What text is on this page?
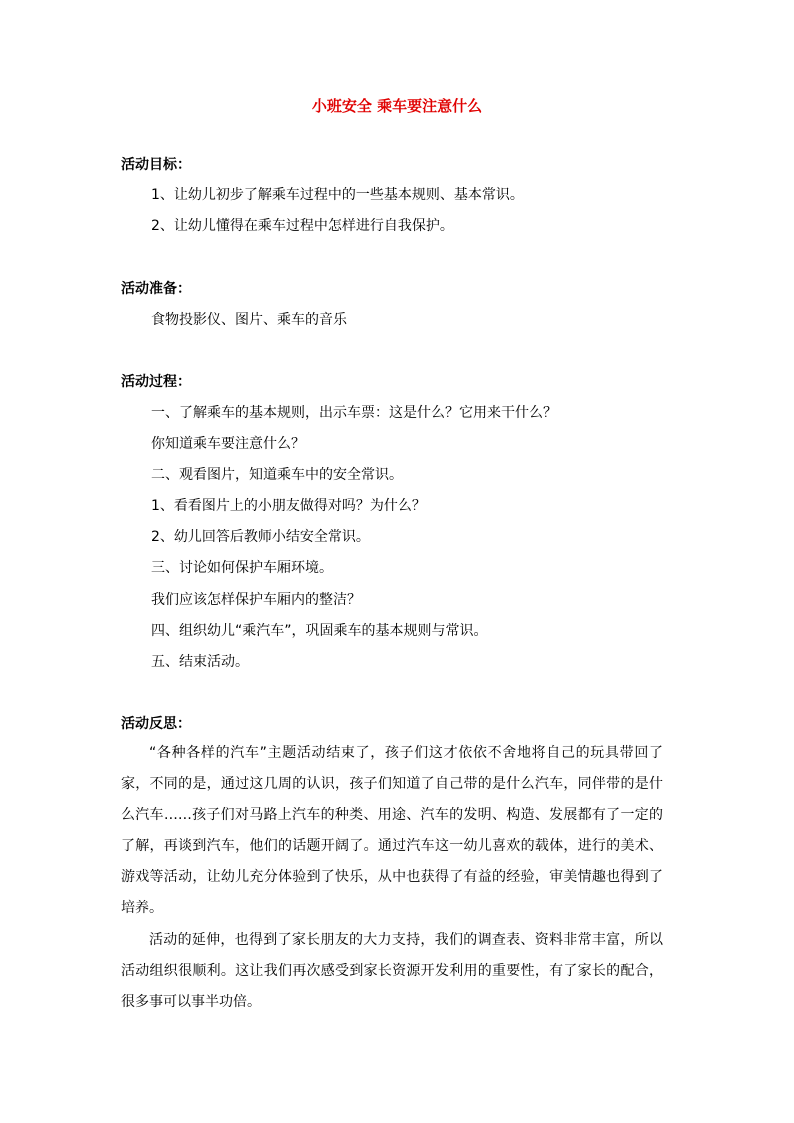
小班安全 乘车要注意什么
活动目标：
1、让幼儿初步了解乘车过程中的一些基本规则、基本常识。
2、让幼儿懂得在乘车过程中怎样进行自我保护。
活动准备：
食物投影仪、图片、乘车的音乐
活动过程：
一、了解乘车的基本规则，出示车票：这是什么？它用来干什么？
你知道乘车要注意什么？
二、观看图片，知道乘车中的安全常识。
1、看看图片上的小朋友做得对吗？为什么？
2、幼儿回答后教师小结安全常识。
三、讨论如何保护车厢环境。
我们应该怎样保护车厢内的整洁？
四、组织幼儿“乘汽车”，巩固乘车的基本规则与常识。
五、结束活动。
活动反思：

“各种各样的汽车”主题活动结束了，孩子们这才依依不舍地将自己的玩具带回了家，不同的是，通过这几周的认识，孩子们知道了自己带的是什么汽车，同伴带的是什么汽车……孩子们对马路上汽车的种类、用途、汽车的发明、构造、发展都有了一定的了解，再谈到汽车，他们的话题开阔了。通过汽车这一幼儿喜欢的载体，进行的美术、游戏等活动，让幼儿充分体验到了快乐，从中也获得了有益的经验，审美情趣也得到了培养。

活动的延伸，也得到了家长朋友的大力支持，我们的调查表、资料非常丰富，所以活动组织很顺利。这让我们再次感受到家长资源开发利用的重要性，有了家长的配合，很多事可以事半功倍。
